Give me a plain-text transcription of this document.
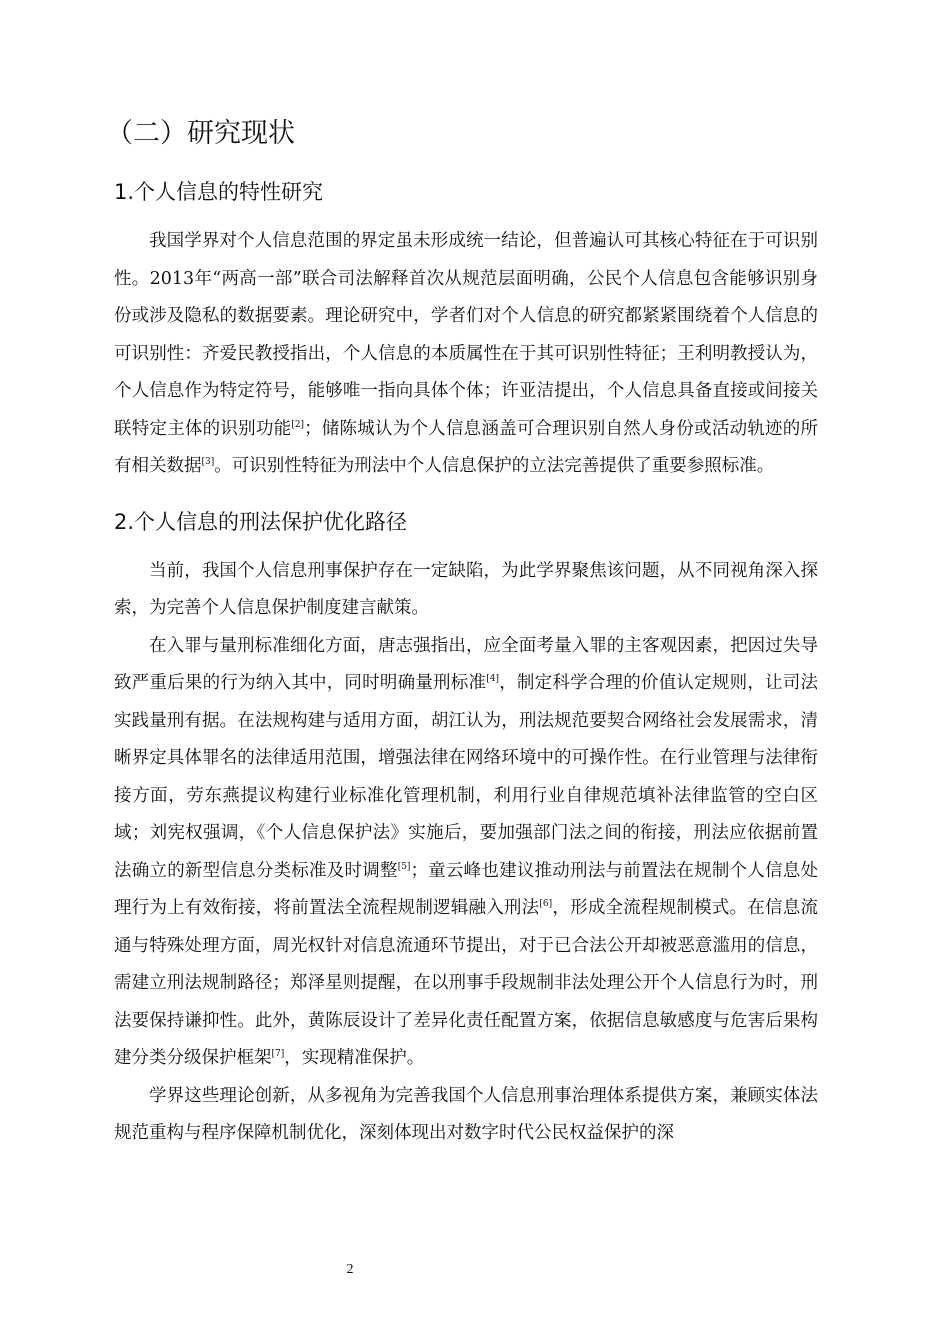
（二）研究现状
1.个人信息的特性研究

我国学界对个人信息范围的界定虽未形成统一结论，但普遍认可其核心特征在于可识别性。2013年“两高一部”联合司法解释首次从规范层面明确，公民个人信息包含能够识别身份或涉及隐私的数据要素。理论研究中，学者们对个人信息的研究都紧紧围绕着个人信息的可识别性：齐爱民教授指出，个人信息的本质属性在于其可识别性特征；王利明教授认为，个人信息作为特定符号，能够唯一指向具体个体；许亚洁提出，个人信息具备直接或间接关联特定主体的识别功能[2]；储陈城认为个人信息涵盖可合理识别自然人身份或活动轨迹的所有相关数据[3]。可识别性特征为刑法中个人信息保护的立法完善提供了重要参照标准。

2.个人信息的刑法保护优化路径

当前，我国个人信息刑事保护存在一定缺陷，为此学界聚焦该问题，从不同视角深入探索，为完善个人信息保护制度建言献策。

在入罪与量刑标准细化方面，唐志强指出，应全面考量入罪的主客观因素，把因过失导致严重后果的行为纳入其中，同时明确量刑标准[4]，制定科学合理的价值认定规则，让司法实践量刑有据。在法规构建与适用方面，胡江认为，刑法规范要契合网络社会发展需求，清晰界定具体罪名的法律适用范围，增强法律在网络环境中的可操作性。在行业管理与法律衔接方面，劳东燕提议构建行业标准化管理机制，利用行业自律规范填补法律监管的空白区域；刘宪权强调，《个人信息保护法》实施后，要加强部门法之间的衔接，刑法应依据前置法确立的新型信息分类标准及时调整[5]；童云峰也建议推动刑法与前置法在规制个人信息处理行为上有效衔接，将前置法全流程规制逻辑融入刑法[6]，形成全流程规制模式。在信息流通与特殊处理方面，周光权针对信息流通环节提出，对于已合法公开却被恶意滥用的信息，需建立刑法规制路径；郑泽星则提醒，在以刑事手段规制非法处理公开个人信息行为时，刑法要保持谦抑性。此外，黄陈辰设计了差异化责任配置方案，依据信息敏感度与危害后果构建分类分级保护框架[7]，实现精准保护。

学界这些理论创新，从多视角为完善我国个人信息刑事治理体系提供方案，兼顾实体法规范重构与程序保障机制优化，深刻体现出对数字时代公民权益保护的深

2
